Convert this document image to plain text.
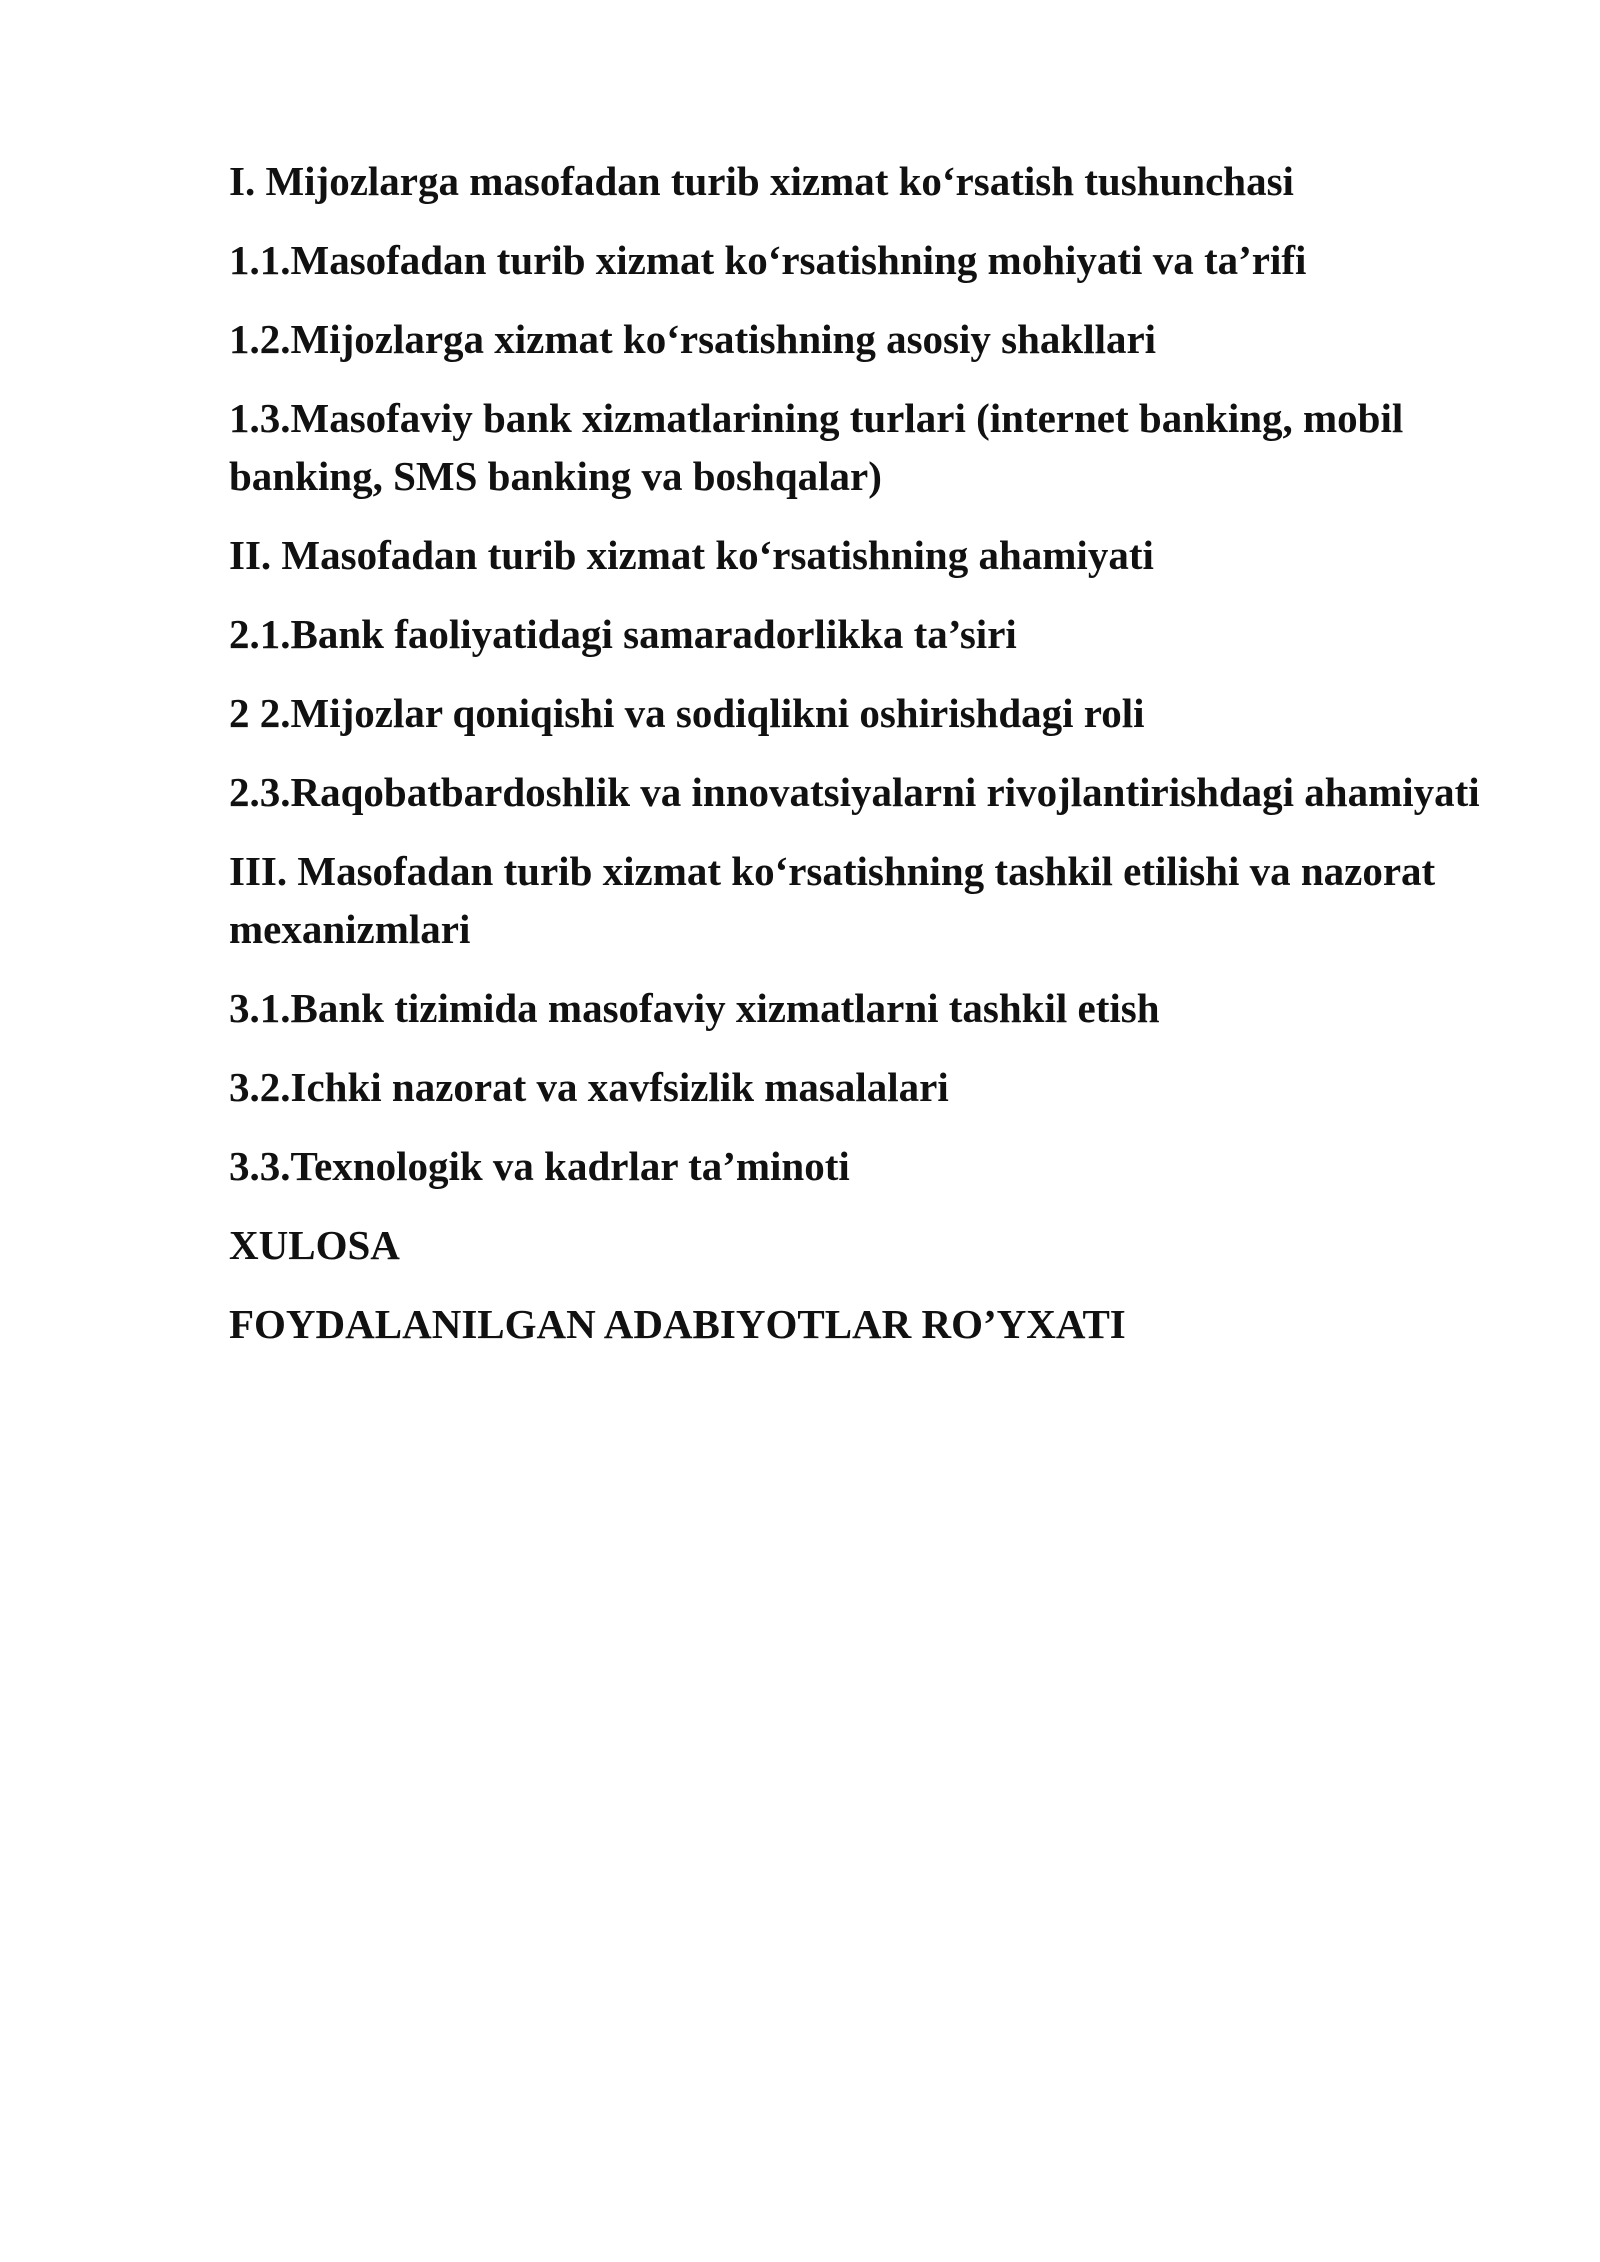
I. Mijozlarga masofadan turib xizmat ko‘rsatish tushunchasi

1.1.Masofadan turib xizmat ko‘rsatishning mohiyati va ta’rifi

1.2.Mijozlarga xizmat ko‘rsatishning asosiy shakllari

1.3.Masofaviy bank xizmatlarining turlari (internet banking, mobil banking, SMS banking va boshqalar)

II. Masofadan turib xizmat ko‘rsatishning ahamiyati

2.1.Bank faoliyatidagi samaradorlikka ta’siri

2 2.Mijozlar qoniqishi va sodiqlikni oshirishdagi roli

2.3.Raqobatbardoshlik va innovatsiyalarni rivojlantirishdagi ahamiyati

III. Masofadan turib xizmat ko‘rsatishning tashkil etilishi va nazorat mexanizmlari

3.1.Bank tizimida masofaviy xizmatlarni tashkil etish

3.2.Ichki nazorat va xavfsizlik masalalari

3.3.Texnologik va kadrlar ta’minoti

XULOSA

FOYDALANILGAN ADABIYOTLAR RO’YXATI
